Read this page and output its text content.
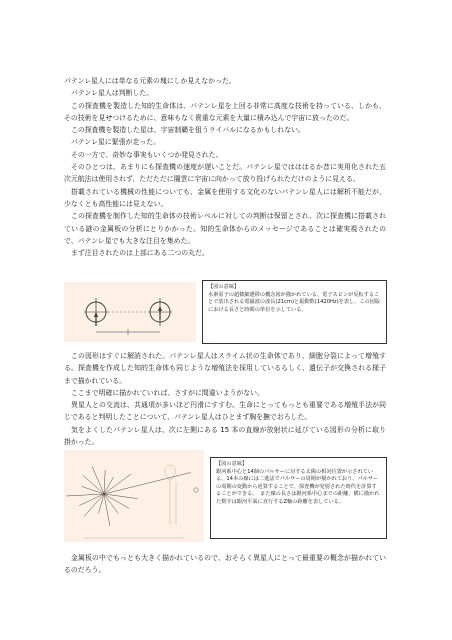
パテンレ星人には単なる元素の塊にしか見えなかった。

パテンレ星人は判断した。

この探査機を製造した知的生命体は、パテンレ星を上回る非常に高度な技術を持っている、しかも、その技術を見せつけるために、意味もなく貴重な元素を大量に積み込んで宇宙に放ったのだ。

この探査機を製造した星は、宇宙制覇を狙うライバルになるかもしれない。

パテンレ星に緊張が走った。

その一方で、奇妙な事実もいくつか発見された。

そのひとつは、あまりにも探査機の速度が遅いことだ。パテンレ星ではははるか昔に実用化された五次元航法は使用されず、ただただに闇雲に宇宙に向かって放り投げられただけのように見える。

搭載されている機械の性能についても、金属を使用する文化のないパテンレ星人には解析不能だが、少なくとも高性能には見えない。

この探査機を制作した知的生命体の技術レベルに対しての判断は保留とされ、次に探査機に搭載されている謎の金属板の分析にとりかかった。知的生命体からのメッセージであることは確実視されたので、パテンレ星でも大きな注目を集めた。

まず注目されたのは上部にある二つの丸だ。

【図の意味】
水素原子の超微細遷移の概念図が描かれている、電子スピンが反転することで放出される電磁波の波長(21cm)と振動数(1420Hz)を表し、この図版における長さと時間の単位を示している。

この図形はすぐに解読された。パテンレ星人はスライム状の生命体であり、細胞分裂によって増殖する。探査機を作成した知的生命体も同じような増殖法を採用しているらしく、遺伝子が交換される様子まで描かれている。

ここまで明確に描かれていれば、さすがに間違いようがない。

異星人との交流は、共通項が多いほど円滑にすすむ。生命にとってもっとも重要である増殖手法が同じであると判明したことについて、パテンレ星人はひとまず胸を撫でおろした。

気をよくしたパテンレ星人は、次に左側にある 15 本の直線が放射状に延びている図形の分析に取り掛かった。

【図の意味】
銀河系中心と14個のパルサーに対する太陽の相対位置が示されている。14本の線には二進法でパルサーの周期が描かれており、パルサーの周期の変動から逆算することで、探査機が発射された時代を計算することができる。　また線の長さは銀河系中心までの距離、横に描かれた数字は銀河平面に直行するZ軸の距離を表している。

金属板の中でもっとも大きく描かれているので、おそらく異星人にとって最重要の概念が描かれているのだろう。
